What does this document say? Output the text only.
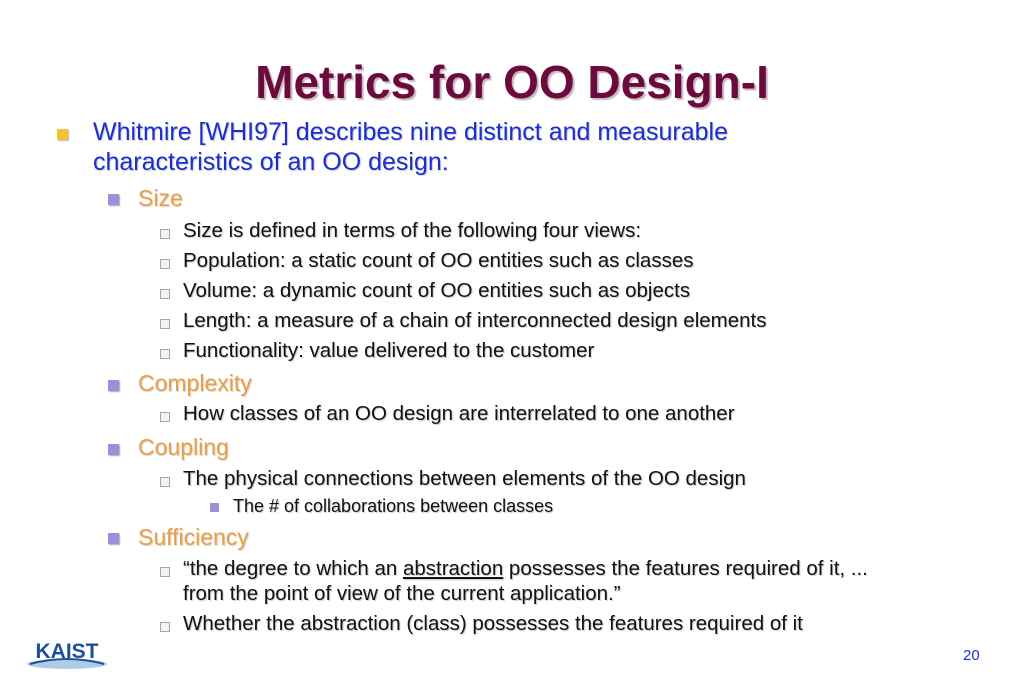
Metrics for OO Design-I
Whitmire [WHI97] describes nine distinct and measurable
characteristics of an OO design:
Size
Size is defined in terms of the following four views:
Population: a static count of OO entities such as classes
Volume: a dynamic count of OO entities such as objects
Length: a measure of a chain of interconnected design elements
Functionality: value delivered to the customer
Complexity
How classes of an OO design are interrelated to one another
Coupling
The physical connections between elements of the OO design
The # of collaborations between classes
Sufficiency
“the degree to which an abstraction possesses the features required of it, ...
from the point of view of the current application.”
Whether the abstraction (class) possesses the features required of it
KAIST	20
